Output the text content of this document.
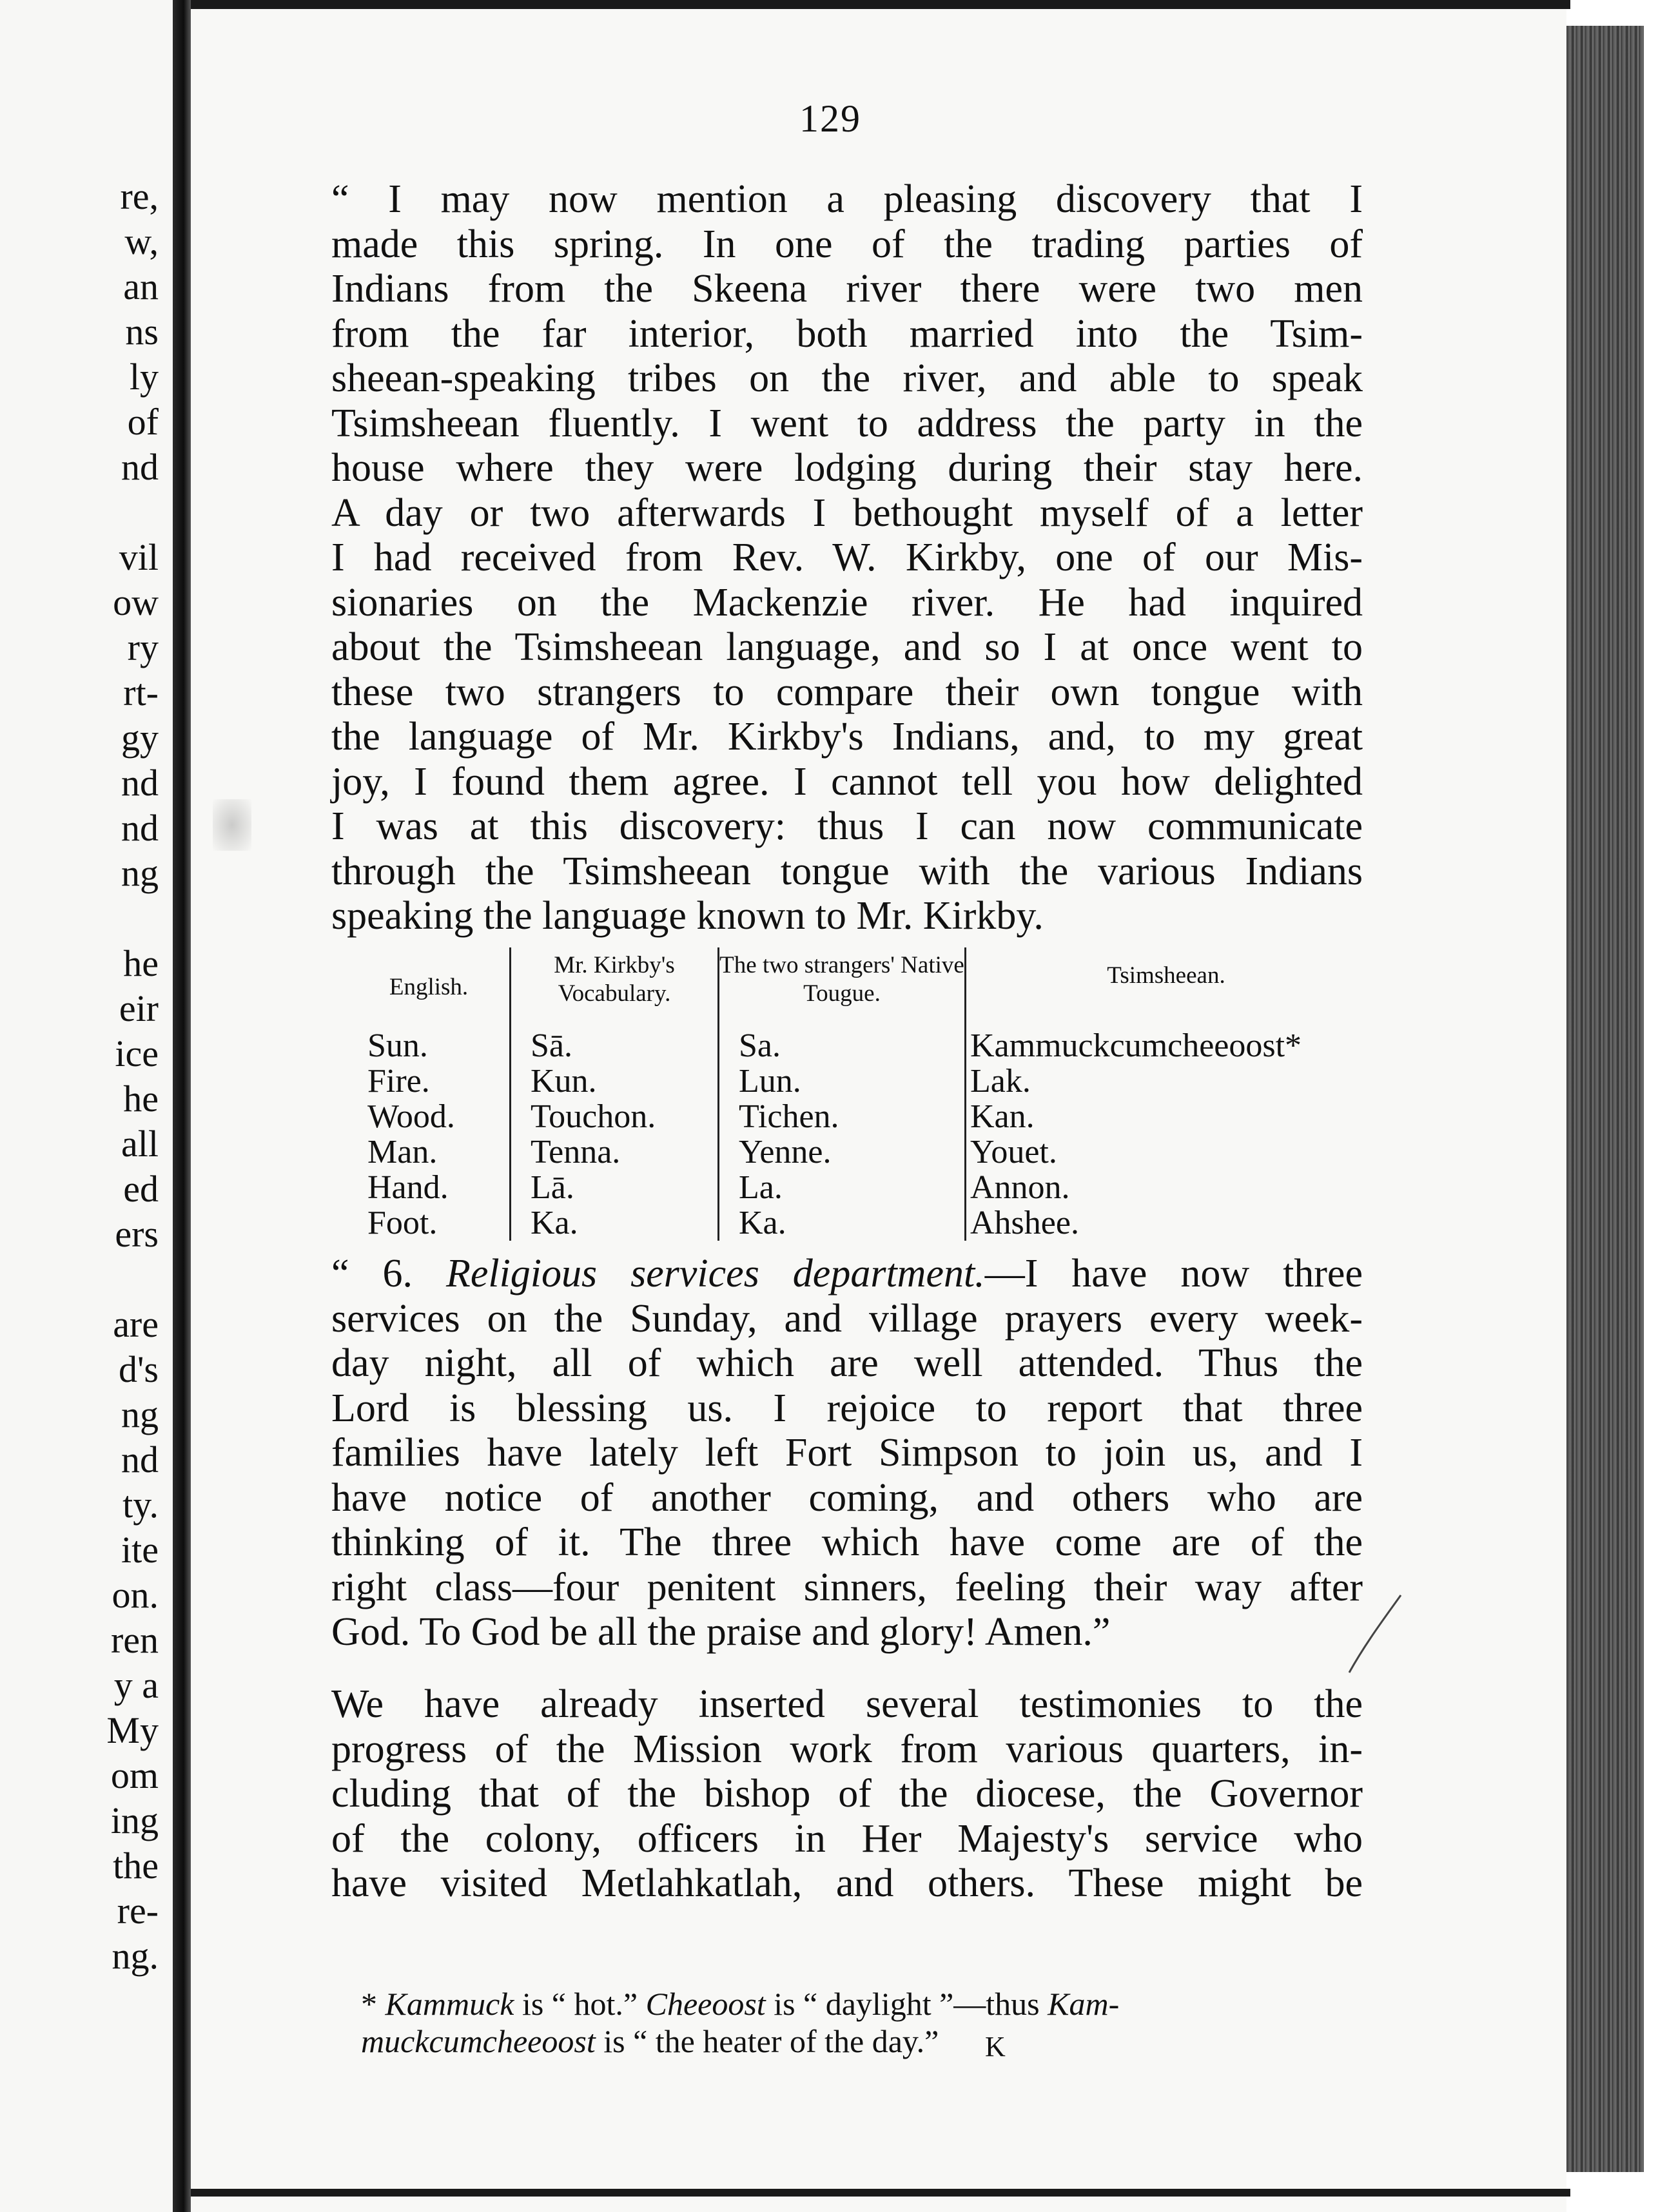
re,
w,
an
ns
ly
of
nd
vil
ow
ry
rt-
gy
nd
nd
ng
he
eir
ice
he
all
ed
ers
are
d's
ng
nd
ty.
ite
on.
ren
y a
My
om
ing
the
re-
ng.
129
“ I may now mention a pleasing discovery that I
made this spring. In one of the trading parties of
Indians from the Skeena river there were two men
from the far interior, both married into the Tsim-
sheean-speaking tribes on the river, and able to speak
Tsimsheean fluently. I went to address the party in the
house where they were lodging during their stay here.
A day or two afterwards I bethought myself of a letter
I had received from Rev. W. Kirkby, one of our Mis-
sionaries on the Mackenzie river. He had inquired
about the Tsimsheean language, and so I at once went to
these two strangers to compare their own tongue with
the language of Mr. Kirkby's Indians, and, to my great
joy, I found them agree. I cannot tell you how delighted
I was at this discovery: thus I can now communicate
through the Tsimsheean tongue with the various Indians
speaking the language known to Mr. Kirkby.
English.
Sun.
Fire.
Wood.
Man.
Hand.
Foot.
Mr. Kirkby's Vocabulary.
Sā.
Kun.
Touchon.
Tenna.
Lā.
Ka.
The two strangers' Native Tougue.
Sa.
Lun.
Tichen.
Yenne.
La.
Ka.
Tsimsheean.
Kammuckcumcheeoost*
Lak.
Kan.
Youet.
Annon.
Ahshee.
“ 6. Religious services department.—I have now three
services on the Sunday, and village prayers every week-
day night, all of which are well attended. Thus the
Lord is blessing us. I rejoice to report that three
families have lately left Fort Simpson to join us, and I
have notice of another coming, and others who are
thinking of it. The three which have come are of the
right class—four penitent sinners, feeling their way after
God. To God be all the praise and glory! Amen.”
We have already inserted several testimonies to the
progress of the Mission work from various quarters, in-
cluding that of the bishop of the diocese, the Governor
of the colony, officers in Her Majesty's service who
have visited Metlahkatlah, and others. These might be
* Kammuck is “ hot.” Cheeoost is “ daylight ”—thus Kam-
muckcumcheeoost is “ the heater of the day.”	K
